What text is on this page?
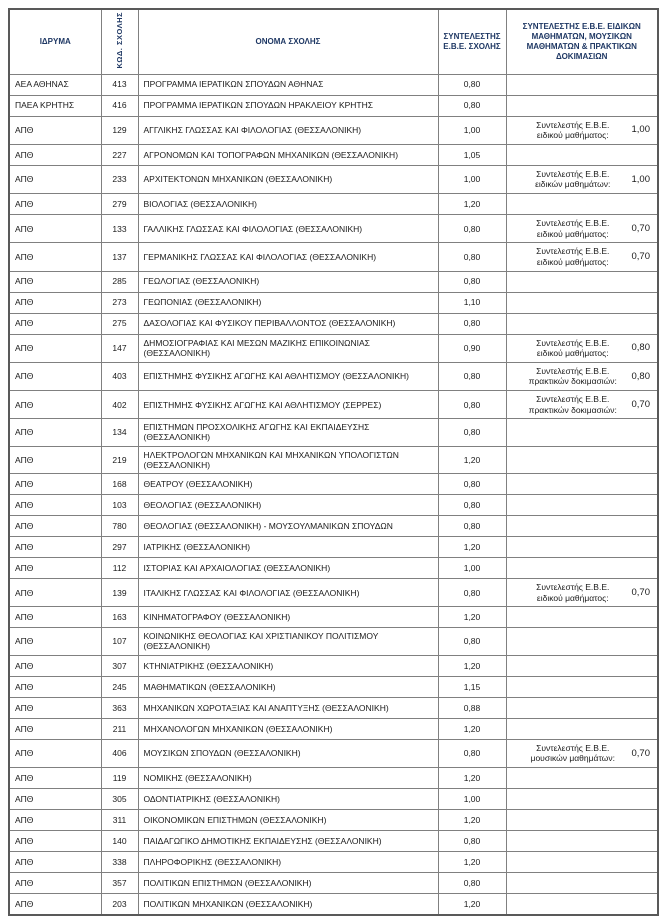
ΙΔΡΥΜΑ	ΚΩΔ. ΣΧΟΛΗΣ	ΟΝΟΜΑ ΣΧΟΛΗΣ	ΣΥΝΤΕΛΕΣΤΗΣ Ε.Β.Ε. ΣΧΟΛΗΣ	ΣΥΝΤΕΛΕΣΤΗΣ Ε.Β.Ε. ΕΙΔΙΚΩΝ ΜΑΘΗΜΑΤΩΝ, ΜΟΥΣΙΚΩΝ ΜΑΘΗΜΑΤΩΝ & ΠΡΑΚΤΙΚΩΝ ΔΟΚΙΜΑΣΙΩΝ
ΑΕΑ ΑΘΗΝΑΣ	413	ΠΡΟΓΡΑΜΜΑ ΙΕΡΑΤΙΚΩΝ ΣΠΟΥΔΩΝ ΑΘΗΝΑΣ	0,80	
ΠΑΕΑ ΚΡΗΤΗΣ	416	ΠΡΟΓΡΑΜΜΑ ΙΕΡΑΤΙΚΩΝ ΣΠΟΥΔΩΝ ΗΡΑΚΛΕΙΟΥ ΚΡΗΤΗΣ	0,80	
ΑΠΘ	129	ΑΓΓΛΙΚΗΣ ΓΛΩΣΣΑΣ ΚΑΙ ΦΙΛΟΛΟΓΙΑΣ (ΘΕΣΣΑΛΟΝΙΚΗ)	1,00	Συντελεστής Ε.Β.Ε. ειδικού μαθήματος: 1,00

ΑΠΘ	227	ΑΓΡΟΝΟΜΩΝ ΚΑΙ ΤΟΠΟΓΡΑΦΩΝ ΜΗΧΑΝΙΚΩΝ (ΘΕΣΣΑΛΟΝΙΚΗ)	1,05	
ΑΠΘ	233	ΑΡΧΙΤΕΚΤΟΝΩΝ ΜΗΧΑΝΙΚΩΝ (ΘΕΣΣΑΛΟΝΙΚΗ)	1,00	Συντελεστής Ε.Β.Ε. ειδικών μαθημάτων: 1,00

ΑΠΘ	279	ΒΙΟΛΟΓΙΑΣ (ΘΕΣΣΑΛΟΝΙΚΗ)	1,20	
ΑΠΘ	133	ΓΑΛΛΙΚΗΣ ΓΛΩΣΣΑΣ ΚΑΙ ΦΙΛΟΛΟΓΙΑΣ (ΘΕΣΣΑΛΟΝΙΚΗ)	0,80	Συντελεστής Ε.Β.Ε. ειδικού μαθήματος: 0,70

ΑΠΘ	137	ΓΕΡΜΑΝΙΚΗΣ ΓΛΩΣΣΑΣ ΚΑΙ ΦΙΛΟΛΟΓΙΑΣ (ΘΕΣΣΑΛΟΝΙΚΗ)	0,80	Συντελεστής Ε.Β.Ε. ειδικού μαθήματος: 0,70

ΑΠΘ	285	ΓΕΩΛΟΓΙΑΣ (ΘΕΣΣΑΛΟΝΙΚΗ)	0,80	
ΑΠΘ	273	ΓΕΩΠΟΝΙΑΣ (ΘΕΣΣΑΛΟΝΙΚΗ)	1,10	
ΑΠΘ	275	ΔΑΣΟΛΟΓΙΑΣ ΚΑΙ ΦΥΣΙΚΟΥ ΠΕΡΙΒΑΛΛΟΝΤΟΣ (ΘΕΣΣΑΛΟΝΙΚΗ)	0,80	
ΑΠΘ	147	ΔΗΜΟΣΙΟΓΡΑΦΙΑΣ ΚΑΙ ΜΕΣΩΝ ΜΑΖΙΚΗΣ ΕΠΙΚΟΙΝΩΝΙΑΣ (ΘΕΣΣΑΛΟΝΙΚΗ)	0,90	Συντελεστής Ε.Β.Ε. ειδικού μαθήματος: 0,80

ΑΠΘ	403	ΕΠΙΣΤΗΜΗΣ ΦΥΣΙΚΗΣ ΑΓΩΓΗΣ ΚΑΙ ΑΘΛΗΤΙΣΜΟΥ (ΘΕΣΣΑΛΟΝΙΚΗ)	0,80	Συντελεστής Ε.Β.Ε. πρακτικών δοκιμασιών: 0,80

ΑΠΘ	402	ΕΠΙΣΤΗΜΗΣ ΦΥΣΙΚΗΣ ΑΓΩΓΗΣ ΚΑΙ ΑΘΛΗΤΙΣΜΟΥ (ΣΕΡΡΕΣ)	0,80	Συντελεστής Ε.Β.Ε. πρακτικών δοκιμασιών: 0,70

ΑΠΘ	134	ΕΠΙΣΤΗΜΩΝ ΠΡΟΣΧΟΛΙΚΗΣ ΑΓΩΓΗΣ ΚΑΙ ΕΚΠΑΙΔΕΥΣΗΣ (ΘΕΣΣΑΛΟΝΙΚΗ)	0,80	
ΑΠΘ	219	ΗΛΕΚΤΡΟΛΟΓΩΝ ΜΗΧΑΝΙΚΩΝ ΚΑΙ ΜΗΧΑΝΙΚΩΝ ΥΠΟΛΟΓΙΣΤΩΝ (ΘΕΣΣΑΛΟΝΙΚΗ)	1,20	
ΑΠΘ	168	ΘΕΑΤΡΟΥ (ΘΕΣΣΑΛΟΝΙΚΗ)	0,80	
ΑΠΘ	103	ΘΕΟΛΟΓΙΑΣ (ΘΕΣΣΑΛΟΝΙΚΗ)	0,80	
ΑΠΘ	780	ΘΕΟΛΟΓΙΑΣ (ΘΕΣΣΑΛΟΝΙΚΗ) - ΜΟΥΣΟΥΛΜΑΝΙΚΩΝ ΣΠΟΥΔΩΝ	0,80	
ΑΠΘ	297	ΙΑΤΡΙΚΗΣ (ΘΕΣΣΑΛΟΝΙΚΗ)	1,20	
ΑΠΘ	112	ΙΣΤΟΡΙΑΣ ΚΑΙ ΑΡΧΑΙΟΛΟΓΙΑΣ (ΘΕΣΣΑΛΟΝΙΚΗ)	1,00	
ΑΠΘ	139	ΙΤΑΛΙΚΗΣ ΓΛΩΣΣΑΣ ΚΑΙ ΦΙΛΟΛΟΓΙΑΣ (ΘΕΣΣΑΛΟΝΙΚΗ)	0,80	Συντελεστής Ε.Β.Ε. ειδικού μαθήματος: 0,70

ΑΠΘ	163	ΚΙΝΗΜΑΤΟΓΡΑΦΟΥ (ΘΕΣΣΑΛΟΝΙΚΗ)	1,20	
ΑΠΘ	107	ΚΟΙΝΩΝΙΚΗΣ ΘΕΟΛΟΓΙΑΣ ΚΑΙ ΧΡΙΣΤΙΑΝΙΚΟΥ ΠΟΛΙΤΙΣΜΟΥ (ΘΕΣΣΑΛΟΝΙΚΗ)	0,80	
ΑΠΘ	307	ΚΤΗΝΙΑΤΡΙΚΗΣ (ΘΕΣΣΑΛΟΝΙΚΗ)	1,20	
ΑΠΘ	245	ΜΑΘΗΜΑΤΙΚΩΝ (ΘΕΣΣΑΛΟΝΙΚΗ)	1,15	
ΑΠΘ	363	ΜΗΧΑΝΙΚΩΝ ΧΩΡΟΤΑΞΙΑΣ ΚΑΙ ΑΝΑΠΤΥΞΗΣ (ΘΕΣΣΑΛΟΝΙΚΗ)	0,88	
ΑΠΘ	211	ΜΗΧΑΝΟΛΟΓΩΝ ΜΗΧΑΝΙΚΩΝ (ΘΕΣΣΑΛΟΝΙΚΗ)	1,20	
ΑΠΘ	406	ΜΟΥΣΙΚΩΝ ΣΠΟΥΔΩΝ (ΘΕΣΣΑΛΟΝΙΚΗ)	0,80	Συντελεστής Ε.Β.Ε. μουσικών μαθημάτων: 0,70

ΑΠΘ	119	ΝΟΜΙΚΗΣ (ΘΕΣΣΑΛΟΝΙΚΗ)	1,20	
ΑΠΘ	305	ΟΔΟΝΤΙΑΤΡΙΚΗΣ (ΘΕΣΣΑΛΟΝΙΚΗ)	1,00	
ΑΠΘ	311	ΟΙΚΟΝΟΜΙΚΩΝ ΕΠΙΣΤΗΜΩΝ (ΘΕΣΣΑΛΟΝΙΚΗ)	1,20	
ΑΠΘ	140	ΠΑΙΔΑΓΩΓΙΚΟ ΔΗΜΟΤΙΚΗΣ ΕΚΠΑΙΔΕΥΣΗΣ (ΘΕΣΣΑΛΟΝΙΚΗ)	0,80	
ΑΠΘ	338	ΠΛΗΡΟΦΟΡΙΚΗΣ (ΘΕΣΣΑΛΟΝΙΚΗ)	1,20	
ΑΠΘ	357	ΠΟΛΙΤΙΚΩΝ ΕΠΙΣΤΗΜΩΝ (ΘΕΣΣΑΛΟΝΙΚΗ)	0,80	
ΑΠΘ	203	ΠΟΛΙΤΙΚΩΝ ΜΗΧΑΝΙΚΩΝ (ΘΕΣΣΑΛΟΝΙΚΗ)	1,20	
